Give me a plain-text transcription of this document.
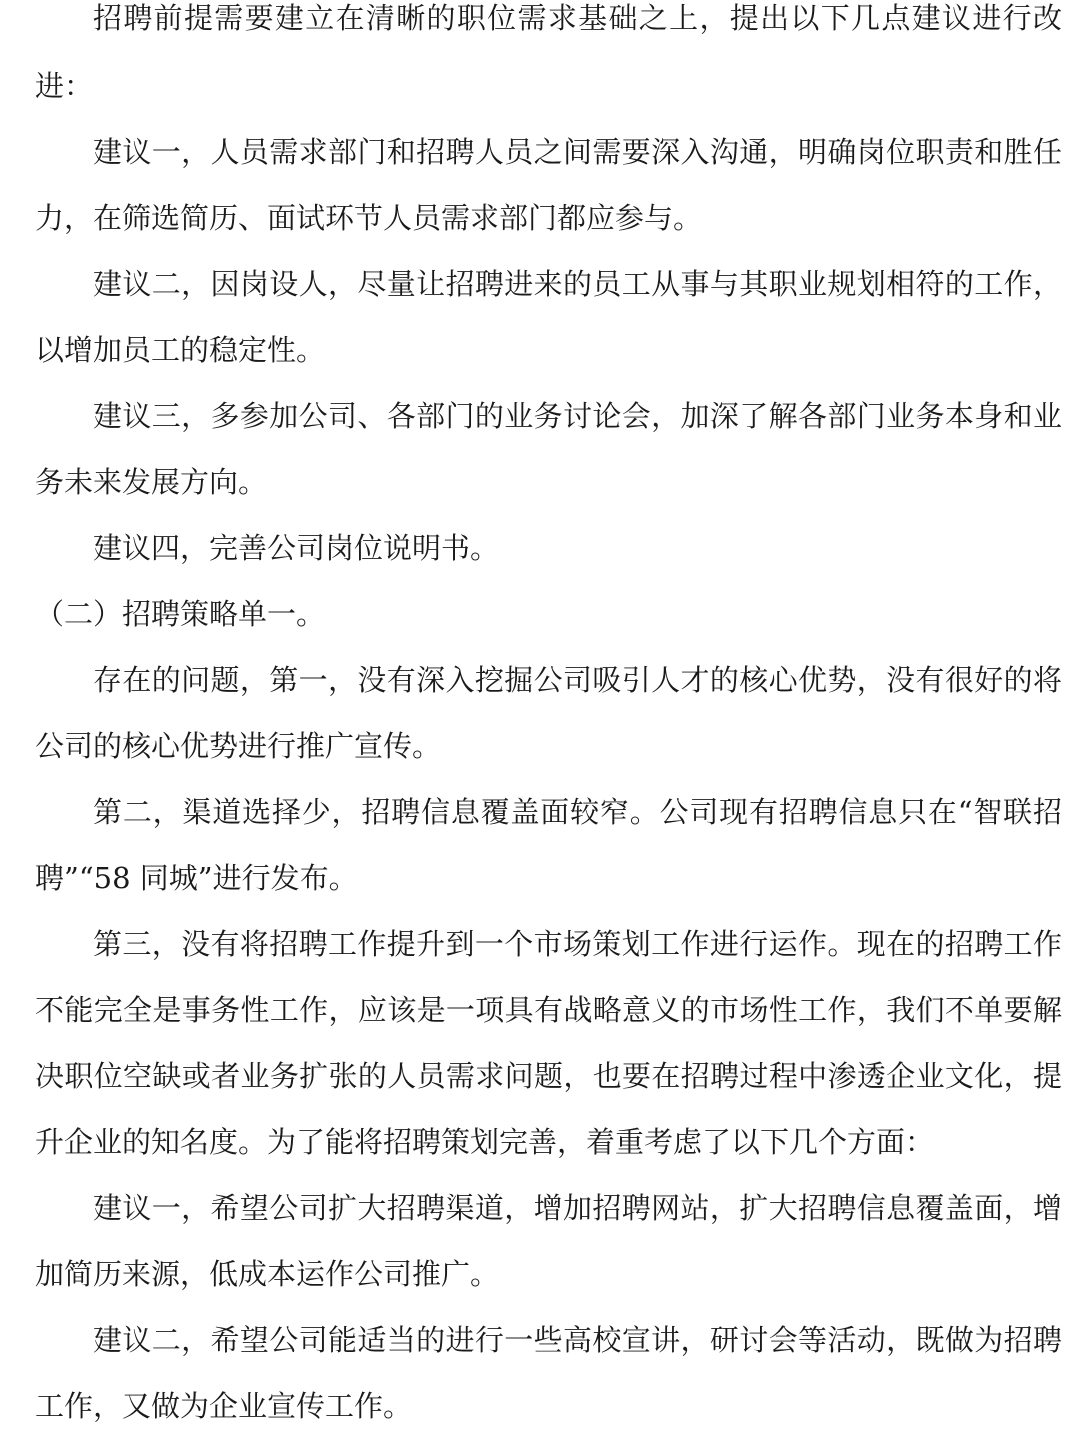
招聘前提需要建立在清晰的职位需求基础之上，提出以下几点建议进行改
进：
建议一，人员需求部门和招聘人员之间需要深入沟通，明确岗位职责和胜任
力，在筛选简历、面试环节人员需求部门都应参与。
建议二，因岗设人，尽量让招聘进来的员工从事与其职业规划相符的工作，
以增加员工的稳定性。
建议三，多参加公司、各部门的业务讨论会，加深了解各部门业务本身和业
务未来发展方向。
建议四，完善公司岗位说明书。
（二）招聘策略单一。
存在的问题，第一，没有深入挖掘公司吸引人才的核心优势，没有很好的将
公司的核心优势进行推广宣传。
第二，渠道选择少，招聘信息覆盖面较窄。公司现有招聘信息只在“智联招
聘”“58 同城”进行发布。
第三，没有将招聘工作提升到一个市场策划工作进行运作。现在的招聘工作
不能完全是事务性工作，应该是一项具有战略意义的市场性工作，我们不单要解
决职位空缺或者业务扩张的人员需求问题，也要在招聘过程中渗透企业文化，提
升企业的知名度。为了能将招聘策划完善，着重考虑了以下几个方面：
建议一，希望公司扩大招聘渠道，增加招聘网站，扩大招聘信息覆盖面，增
加简历来源，低成本运作公司推广。
建议二，希望公司能适当的进行一些高校宣讲，研讨会等活动，既做为招聘
工作，又做为企业宣传工作。
